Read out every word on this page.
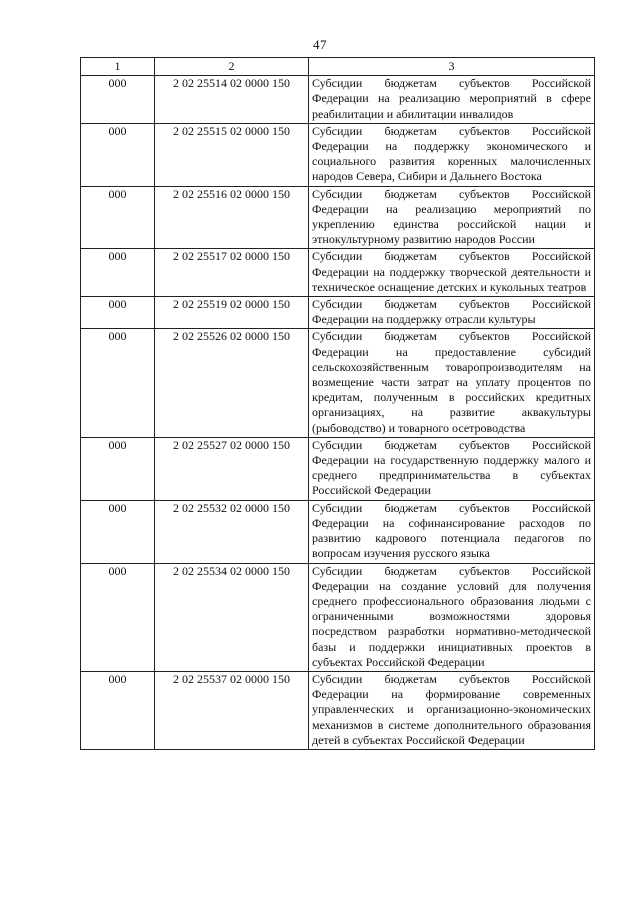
47
1	2	3
000	2 02 25514 02 0000 150	Субсидии бюджетам субъектов Российской Федерации на реализацию мероприятий в сфере реабилитации и абилитации инвалидов
000	2 02 25515 02 0000 150	Субсидии бюджетам субъектов Российской Федерации на поддержку экономического и социального развития коренных малочисленных народов Севера, Сибири и Дальнего Востока
000	2 02 25516 02 0000 150	Субсидии бюджетам субъектов Российской Федерации на реализацию мероприятий по укреплению единства российской нации и этнокультурному развитию народов России
000	2 02 25517 02 0000 150	Субсидии бюджетам субъектов Российской Федерации на поддержку творческой деятельности и техническое оснащение детских и кукольных театров
000	2 02 25519 02 0000 150	Субсидии бюджетам субъектов Российской Федерации на поддержку отрасли культуры
000	2 02 25526 02 0000 150	Субсидии бюджетам субъектов Российской Федерации на предоставление субсидий сельскохозяйственным товаропроизводителям на возмещение части затрат на уплату процентов по кредитам, полученным в российских кредитных организациях, на развитие аквакультуры (рыбоводство) и товарного осетроводства
000	2 02 25527 02 0000 150	Субсидии бюджетам субъектов Российской Федерации на государственную поддержку малого и среднего предпринимательства в субъектах Российской Федерации
000	2 02 25532 02 0000 150	Субсидии бюджетам субъектов Российской Федерации на софинансирование расходов по развитию кадрового потенциала педагогов по вопросам изучения русского языка
000	2 02 25534 02 0000 150	Субсидии бюджетам субъектов Российской Федерации на создание условий для получения среднего профессионального образования людьми с ограниченными возможностями здоровья посредством разработки нормативно-методической базы и поддержки инициативных проектов в субъектах Российской Федерации
000	2 02 25537 02 0000 150	Субсидии бюджетам субъектов Российской Федерации на формирование современных управленческих и организационно-экономических механизмов в системе дополнительного образования детей в субъектах Российской Федерации
